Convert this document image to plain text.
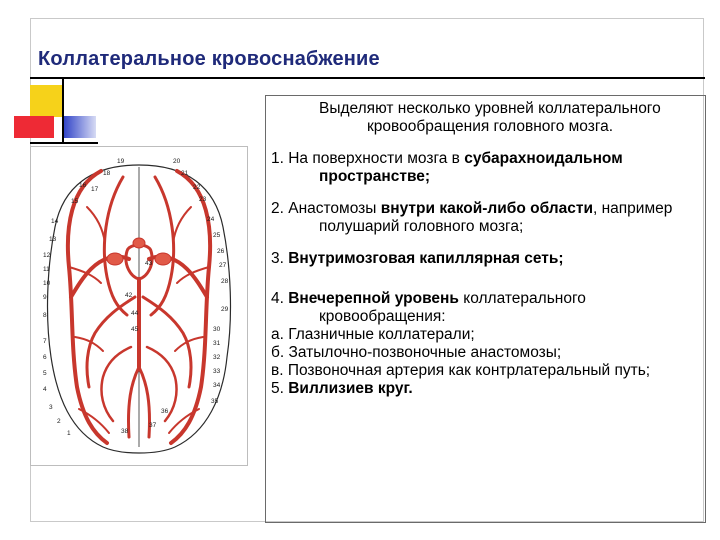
Коллатеральное кровоснабжение
19	20
18	21
16
17	22
15	23
24
14
25
13
26
27
43
28
12
42
11
10
29
9
44
8
45	30
31
7
32
6
33
5
34
4
35
3
2
36
1
37
38
Выделяют несколько уровней коллатерального
кровообращения головного мозга.
1. На поверхности мозга в субарахноидальном пространстве;
2. Анастомозы внутри какой-либо области, например полушарий головного мозга;
3. Внутримозговая капиллярная сеть;
4. Внечерепной уровень коллатерального кровообращения:
а. Глазничные коллатерали;
б. Затылочно-позвоночные анастомозы;
в. Позвоночная артерия как контрлатеральный путь;
5. Виллизиев круг.
